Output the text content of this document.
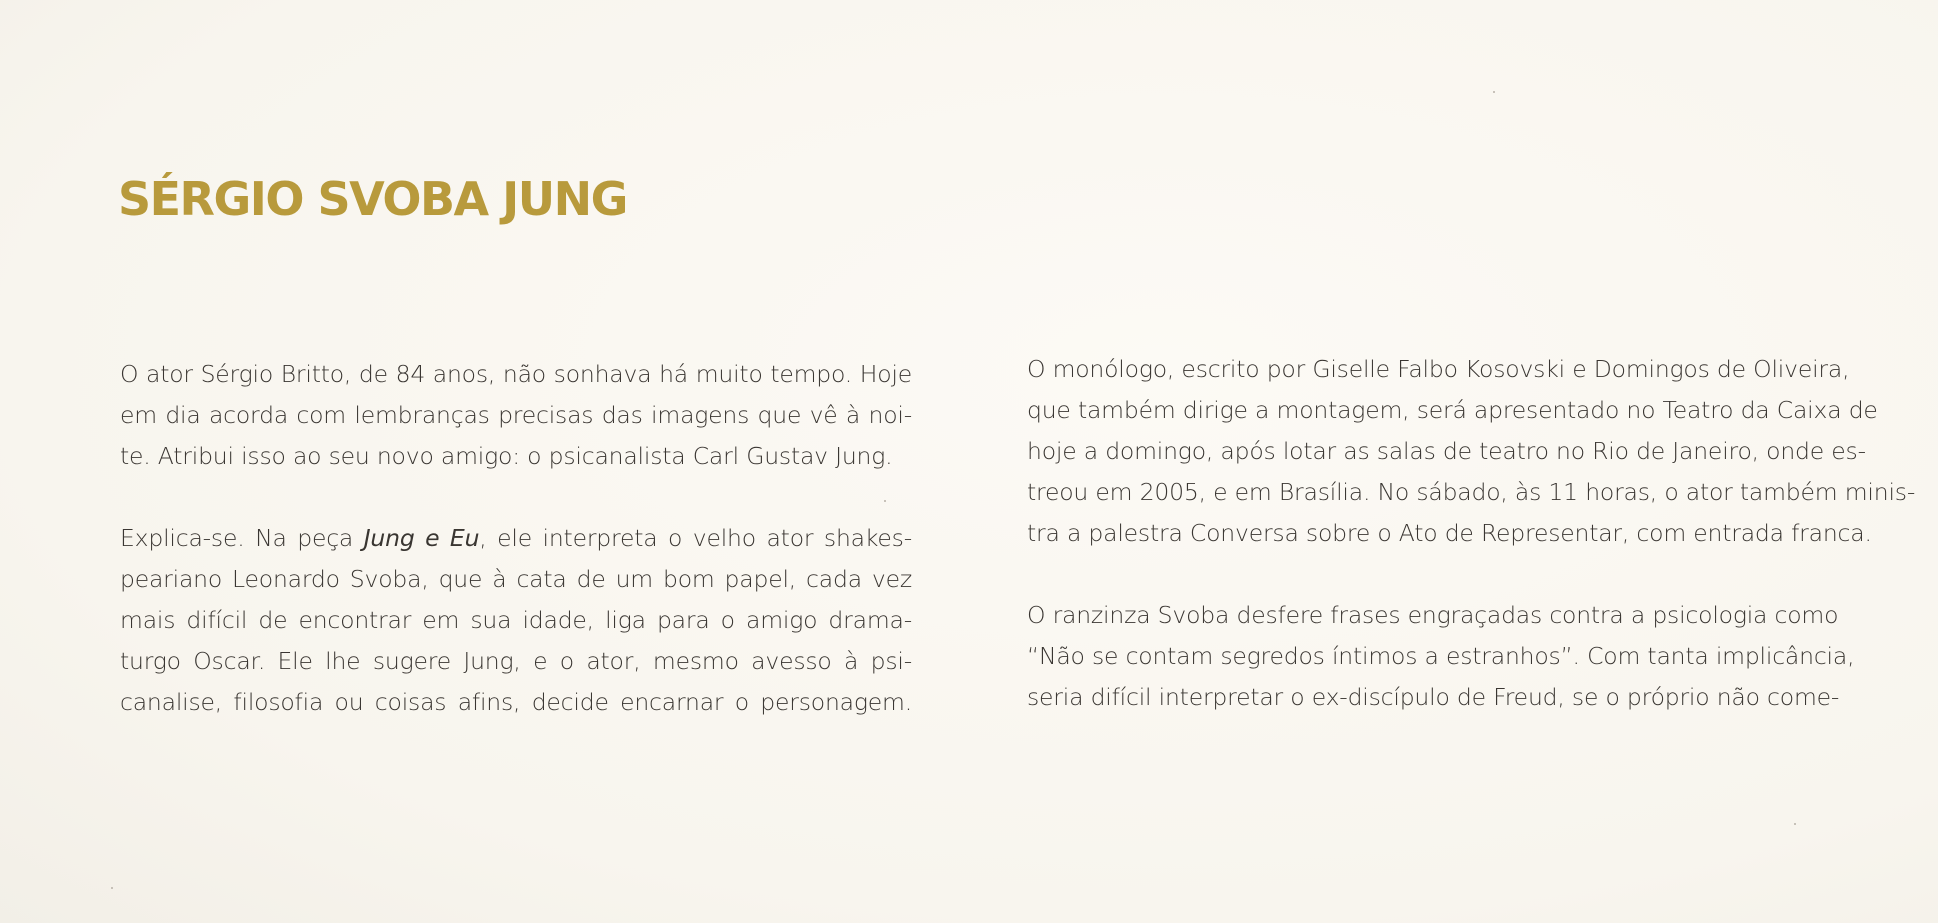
SÉRGIO SVOBA JUNG
O ator Sérgio Britto, de 84 anos, não sonhava há muito tempo. Hoje
em dia acorda com lembranças precisas das imagens que vê à noi-
te. Atribui isso ao seu novo amigo: o psicanalista Carl Gustav Jung.
Explica-se. Na peça Jung e Eu, ele interpreta o velho ator shakes-
peariano Leonardo Svoba, que à cata de um bom papel, cada vez
mais difícil de encontrar em sua idade, liga para o amigo drama-
turgo Oscar. Ele lhe sugere Jung, e o ator, mesmo avesso à psi-
canalise, filosofia ou coisas afins, decide encarnar o personagem.
O monólogo, escrito por Giselle Falbo Kosovski e Domingos de Oliveira,
que também dirige a montagem, será apresentado no Teatro da Caixa de
hoje a domingo, após lotar as salas de teatro no Rio de Janeiro, onde es-
treou em 2005, e em Brasília. No sábado, às 11 horas, o ator também minis-
tra a palestra Conversa sobre o Ato de Representar, com entrada franca.
O ranzinza Svoba desfere frases engraçadas contra a psicologia como
“Não se contam segredos íntimos a estranhos”. Com tanta implicância,
seria difícil interpretar o ex-discípulo de Freud, se o próprio não come-
